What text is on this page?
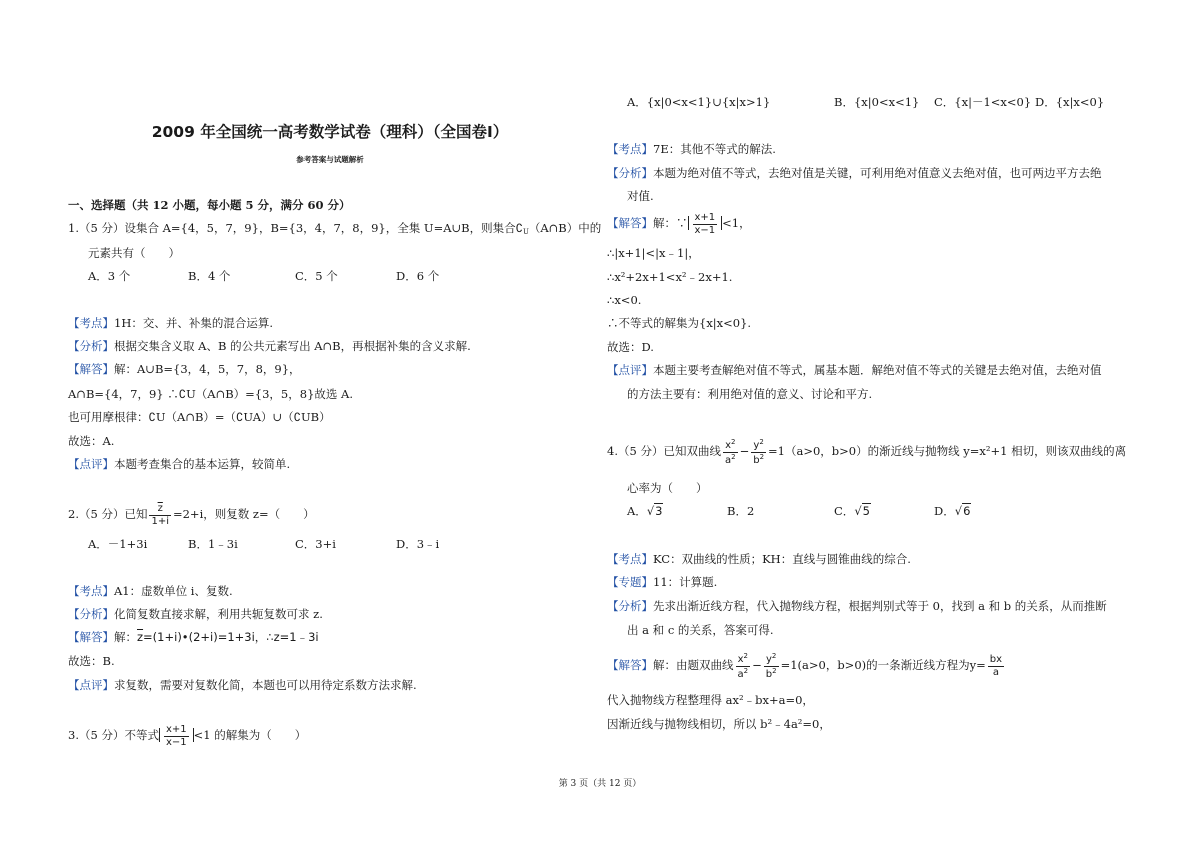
2009 年全国统一高考数学试卷（理科）（全国卷Ⅰ）
参考答案与试题解析
一、选择题（共 12 小题，每小题 5 分，满分 60 分）
1.（5 分）设集合 A={4，5，7，9}，B={3，4，7，8，9}，全集 U=A∪B，则集合$∁_U(A\cap B)$中的
元素共有（　　）
A．3 个	B．4 个	C．5 个	D．6 个
【考点】1H：交、并、补集的混合运算.
【分析】根据交集含义取 A、B 的公共元素写出 A∩B，再根据补集的含义求解.
【解答】解：A∪B={3，4，5，7，8，9}，
A∩B={4，7，9} ∴∁U（A∩B）={3，5，8}故选 A.
也可用摩根律：∁U（A∩B）=（∁UA）∪（∁UB）
故选：A.
【点评】本题考查集合的基本运算，较简单.
2.（5 分）已知 $\frac{\overline{z}}{1+i} =2+i$，则复数 z=（　　）
A．－1+3i	B．1﹣3i	C．3+i	D．3﹣i
【考点】A1：虚数单位 i、复数.
【分析】化简复数直接求解，利用共轭复数可求 z.
【解答】解：$\overline{z}=(1+i)•(2+i)=1+3i$，∴z=1﹣3i
故选：B.
【点评】求复数，需要对复数化简，本题也可以用待定系数方法求解.
3.（5 分）不等式 $\frac{x+1}{x-1} <1$ 的解集为（　　）
A．{x|0<x<1}∪{x|x>1}	B．{x|0<x<1} C．{x|－1<x<0} D．{x|x<0}
【考点】7E：其他不等式的解法.
【分析】本题为绝对值不等式，去绝对值是关键，可利用绝对值意义去绝对值，也可两边平方去绝
对值.
【解答】解：∵ $\frac{x+1}{x-1} <1$，
∴|x+1|<|x﹣1|，
∴x²+2x+1<x²﹣2x+1.
∴x<0.
∴不等式的解集为{x|x<0}.
故选：D.
【点评】本题主要考查解绝对值不等式，属基本题．解绝对值不等式的关键是去绝对值，去绝对值
的方法主要有：利用绝对值的意义、讨论和平方.
4.（5 分）已知双曲线 $\frac{x^2}{a^2} - \frac{y^2}{b^2} =1(a>0$，b>0）的渐近线与抛物线 y=x²+1 相切，则该双曲线的离
心率为（　　）
A．√3	B．2	C．√5	D．√6
【考点】KC：双曲线的性质；KH：直线与圆锥曲线的综合.
【专题】11：计算题.
【分析】先求出渐近线方程，代入抛物线方程，根据判别式等于 0，找到 a 和 b 的关系，从而推断
出 a 和 c 的关系，答案可得.
【解答】解：由题双曲线 $\frac{x^2}{a^2} - \frac{y^2}{b^2} =1(a>0$，b>0)的一条渐近线方程为$y= \frac{bx}{a}$
代入抛物线方程整理得 ax²﹣bx+a=0，
因渐近线与抛物线相切，所以 b²﹣4a²=0，
第 3 页（共 12 页）
